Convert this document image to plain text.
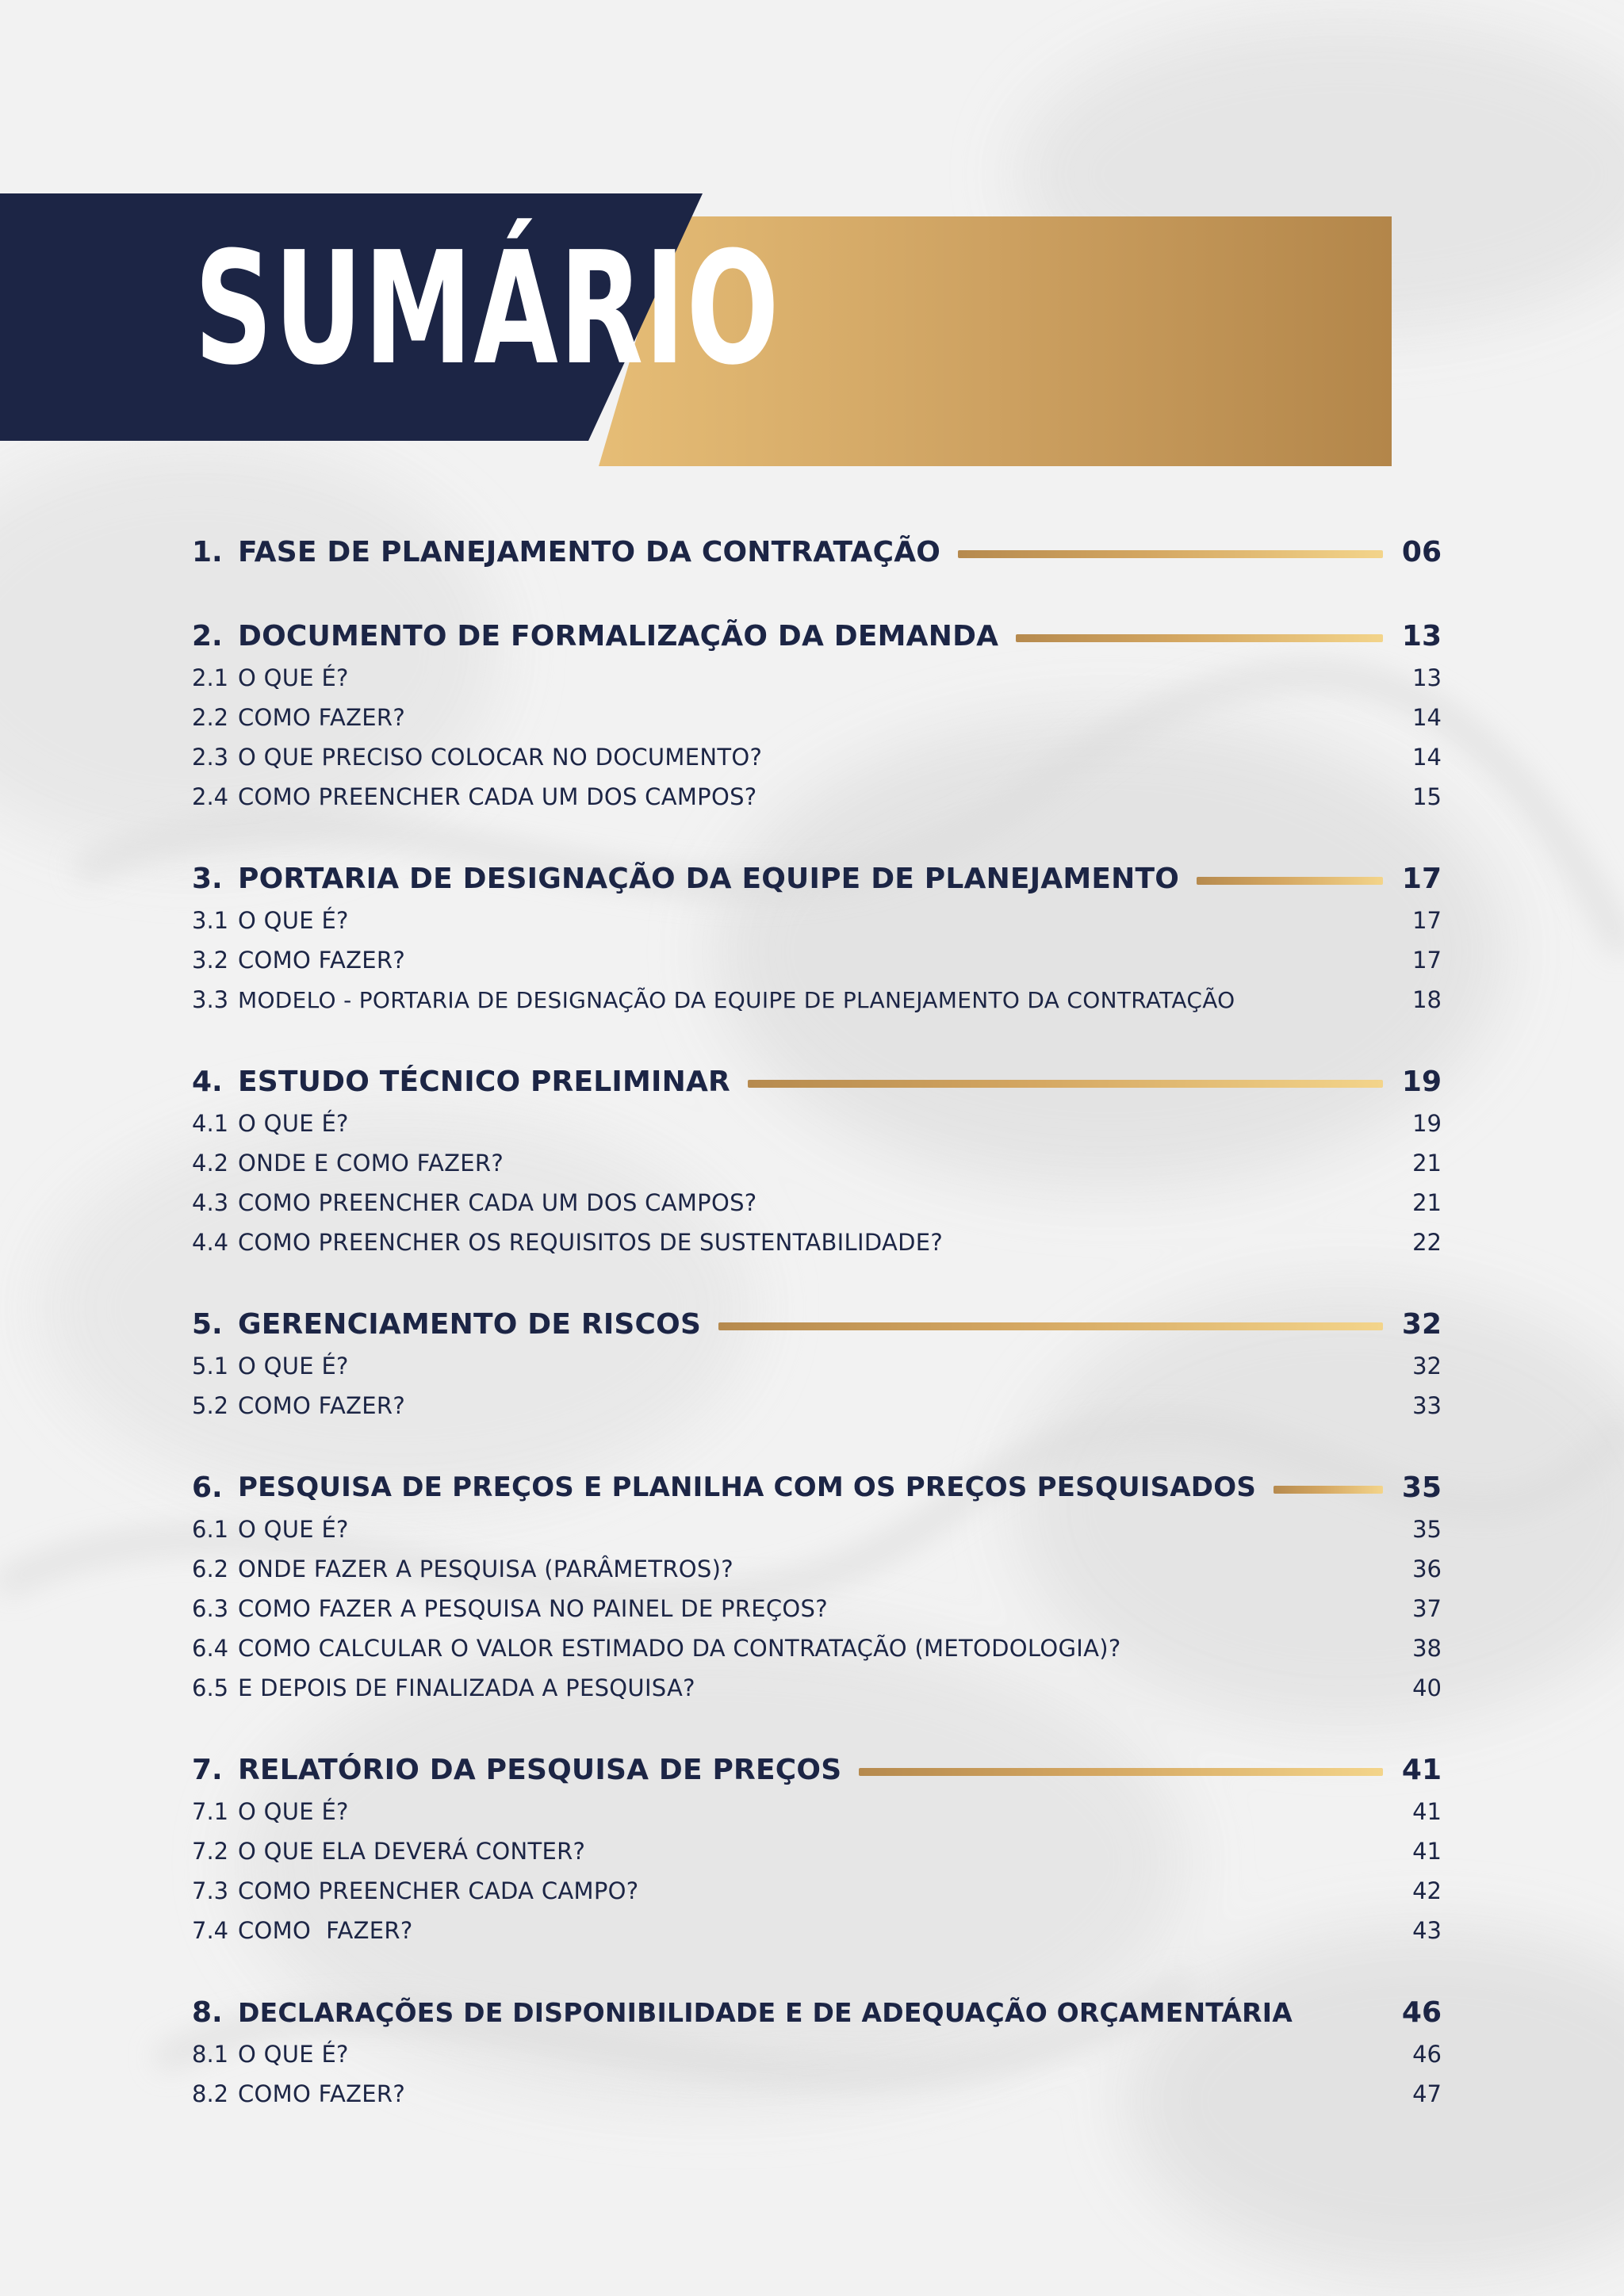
SUMÁRIO
1. FASE DE PLANEJAMENTO DA CONTRATAÇÃO	06
2. DOCUMENTO DE FORMALIZAÇÃO DA DEMANDA	13
2.1 O QUE É?	13
2.2 COMO FAZER?	14
2.3 O QUE PRECISO COLOCAR NO DOCUMENTO?	14
2.4 COMO PREENCHER CADA UM DOS CAMPOS?	15
3. PORTARIA DE DESIGNAÇÃO DA EQUIPE DE PLANEJAMENTO	17
3.1 O QUE É?	17
3.2 COMO FAZER?	17
3.3 MODELO - PORTARIA DE DESIGNAÇÃO DA EQUIPE DE PLANEJAMENTO DA CONTRATAÇÃO	18
4. ESTUDO TÉCNICO PRELIMINAR	19
4.1 O QUE É?	19
4.2 ONDE E COMO FAZER?	21
4.3 COMO PREENCHER CADA UM DOS CAMPOS?	21
4.4 COMO PREENCHER OS REQUISITOS DE SUSTENTABILIDADE?	22
5. GERENCIAMENTO DE RISCOS	32
5.1 O QUE É?	32
5.2 COMO FAZER?	33
6. PESQUISA DE PREÇOS E PLANILHA COM OS PREÇOS PESQUISADOS	35
6.1 O QUE É?	35
6.2 ONDE FAZER A PESQUISA (PARÂMETROS)?	36
6.3 COMO FAZER A PESQUISA NO PAINEL DE PREÇOS?	37
6.4 COMO CALCULAR O VALOR ESTIMADO DA CONTRATAÇÃO (METODOLOGIA)?	38
6.5 E DEPOIS DE FINALIZADA A PESQUISA?	40
7. RELATÓRIO DA PESQUISA DE PREÇOS	41
7.1 O QUE É?	41
7.2 O QUE ELA DEVERÁ CONTER?	41
7.3 COMO PREENCHER CADA CAMPO?	42
7.4 COMO  FAZER?	43
8. DECLARAÇÕES DE DISPONIBILIDADE E DE ADEQUAÇÃO ORÇAMENTÁRIA	46
8.1 O QUE É?	46
8.2 COMO FAZER?	47
